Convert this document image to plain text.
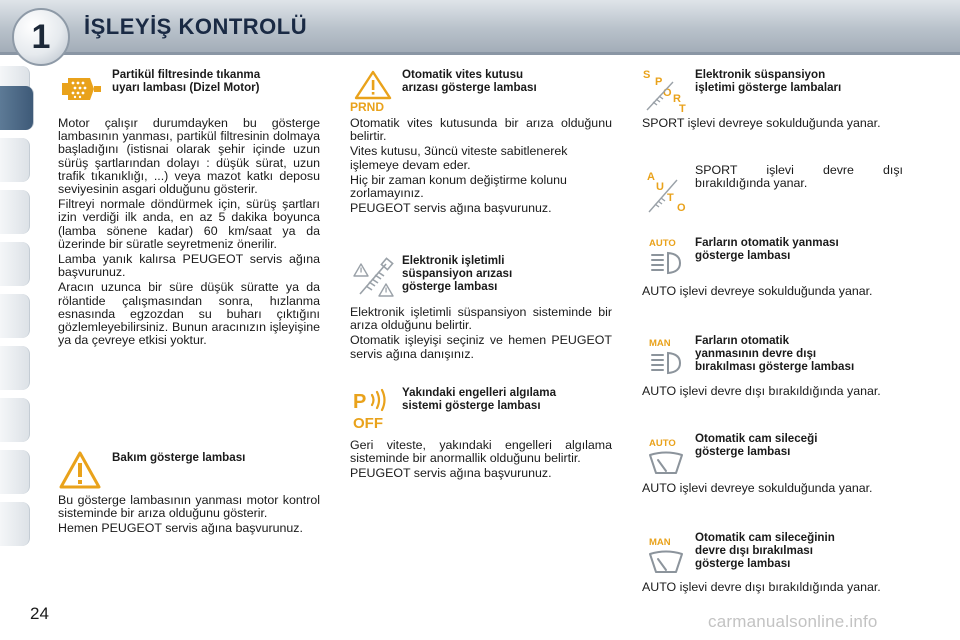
1	İŞLEYİŞ KONTROLÜ
Partikül filtresinde tıkanma
uyarı lambası (Dizel Motor)

Motor çalışır durumdayken bu gösterge lambasının yanması, partikül filtresinin dolmaya başladığını (istisnai olarak şehir içinde uzun sürüş şartlarından dolayı : düşük sürat, uzun trafik tıkanıklığı, ...) veya mazot katkı deposu seviyesinin asgari olduğunu gösterir.

Filtreyi normale döndürmek için, sürüş şartları izin verdiği ilk anda, en az 5 dakika boyunca (lamba sönene kadar) 60 km/saat ya da üzerinde bir süratle seyretmeniz önerilir.

Lamba yanık kalırsa PEUGEOT servis ağına başvurunuz.

Aracın uzunca bir süre düşük süratte ya da rölantide çalışmasından sonra, hızlanma esnasında egzozdan su buharı çıktığını gözlemleyebilirsiniz. Bunun aracınızın işleyişine ya da çevreye etkisi yoktur.

Bakım gösterge lambası

Bu gösterge lambasının yanması motor kontrol sisteminde bir arıza olduğunu gösterir.

Hemen PEUGEOT servis ağına başvurunuz.

PRND
Otomatik vites kutusu
arızası gösterge lambası

Otomatik vites kutusunda bir arıza olduğunu belirtir.

Vites kutusu, 3üncü viteste sabitlenerek işlemeye devam eder.

Hiç bir zaman konum değiştirme kolunu zorlamayınız.

PEUGEOT servis ağına başvurunuz.

Elektronik işletimli
süspansiyon arızası
gösterge lambası

Elektronik işletimli süspansiyon sisteminde bir arıza olduğunu belirtir.

Otomatik işleyişi seçiniz ve hemen PEUGEOT servis ağına danışınız.

P
OFF
Yakındaki engelleri algılama
sistemi gösterge lambası

Geri viteste, yakındaki engelleri algılama sisteminde bir anormallik olduğunu belirtir.

PEUGEOT servis ağına başvurunuz.

S
P
O R
T
Elektronik süspansiyon
işletimi gösterge lambaları
SPORT işlevi devreye sokulduğunda yanar.
A
U
T
O
SPORT işlevi devre dışı bırakıldığında yanar.
AUTO Farların otomatik yanması
gösterge lambası
AUTO işlevi devreye sokulduğunda yanar.
MAN Farların otomatik
yanmasının devre dışı
bırakılması gösterge lambası
AUTO işlevi devre dışı bırakıldığında yanar.
AUTO Otomatik cam sileceği
gösterge lambası
AUTO işlevi devreye sokulduğunda yanar.
MAN Otomatik cam sileceğinin
devre dışı bırakılması
gösterge lambası
AUTO işlevi devre dışı bırakıldığında yanar.
24	carmanualsonline.info
